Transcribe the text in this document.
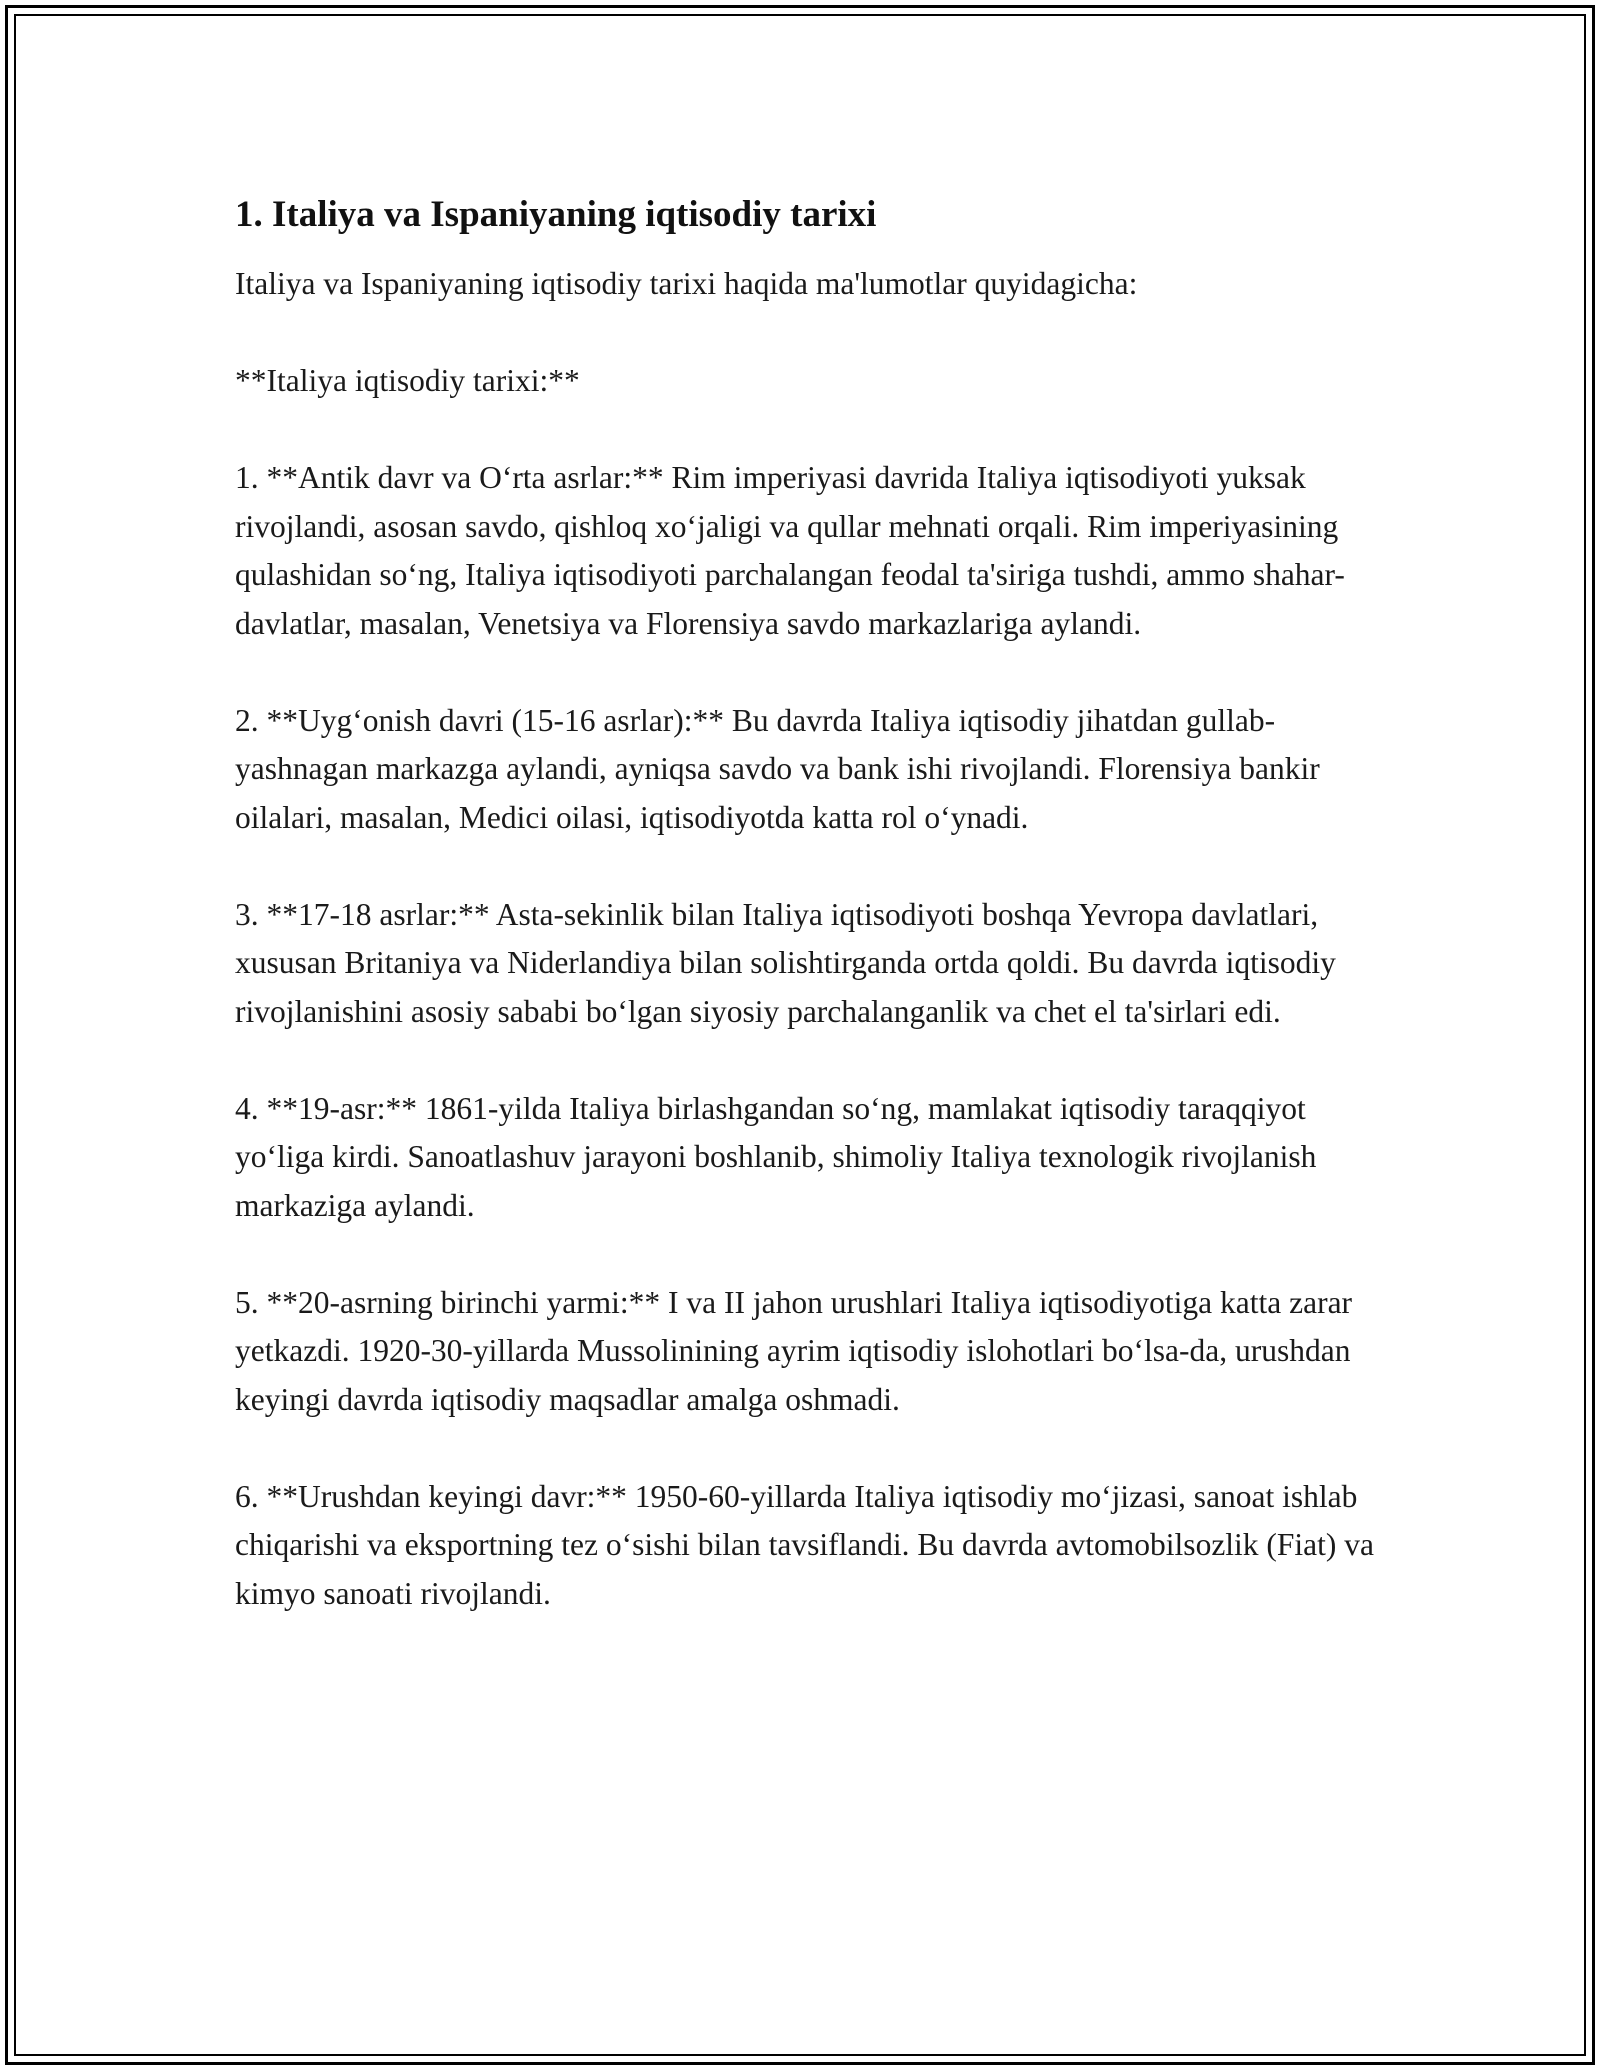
1. Italiya va Ispaniyaning iqtisodiy tarixi

Italiya va Ispaniyaning iqtisodiy tarixi haqida ma'lumotlar quyidagicha:

**Italiya iqtisodiy tarixi:**

1. **Antik davr va O‘rta asrlar:** Rim imperiyasi davrida Italiya iqtisodiyoti yuksak rivojlandi, asosan savdo, qishloq xo‘jaligi va qullar mehnati orqali. Rim imperiyasining qulashidan so‘ng, Italiya iqtisodiyoti parchalangan feodal ta'siriga tushdi, ammo shahar-davlatlar, masalan, Venetsiya va Florensiya savdo markazlariga aylandi.

2. **Uyg‘onish davri (15-16 asrlar):** Bu davrda Italiya iqtisodiy jihatdan gullab-yashnagan markazga aylandi, ayniqsa savdo va bank ishi rivojlandi. Florensiya bankir oilalari, masalan, Medici oilasi, iqtisodiyotda katta rol o‘ynadi.

3. **17-18 asrlar:** Asta-sekinlik bilan Italiya iqtisodiyoti boshqa Yevropa davlatlari, xususan Britaniya va Niderlandiya bilan solishtirganda ortda qoldi. Bu davrda iqtisodiy rivojlanishini asosiy sababi bo‘lgan siyosiy parchalanganlik va chet el ta'sirlari edi.

4. **19-asr:** 1861-yilda Italiya birlashgandan so‘ng, mamlakat iqtisodiy taraqqiyot yo‘liga kirdi. Sanoatlashuv jarayoni boshlanib, shimoliy Italiya texnologik rivojlanish markaziga aylandi.

5. **20-asrning birinchi yarmi:** I va II jahon urushlari Italiya iqtisodiyotiga katta zarar yetkazdi. 1920-30-yillarda Mussolinining ayrim iqtisodiy islohotlari bo‘lsa-da, urushdan keyingi davrda iqtisodiy maqsadlar amalga oshmadi.

6. **Urushdan keyingi davr:** 1950-60-yillarda Italiya iqtisodiy mo‘jizasi, sanoat ishlab chiqarishi va eksportning tez o‘sishi bilan tavsiflandi. Bu davrda avtomobilsozlik (Fiat) va kimyo sanoati rivojlandi.
